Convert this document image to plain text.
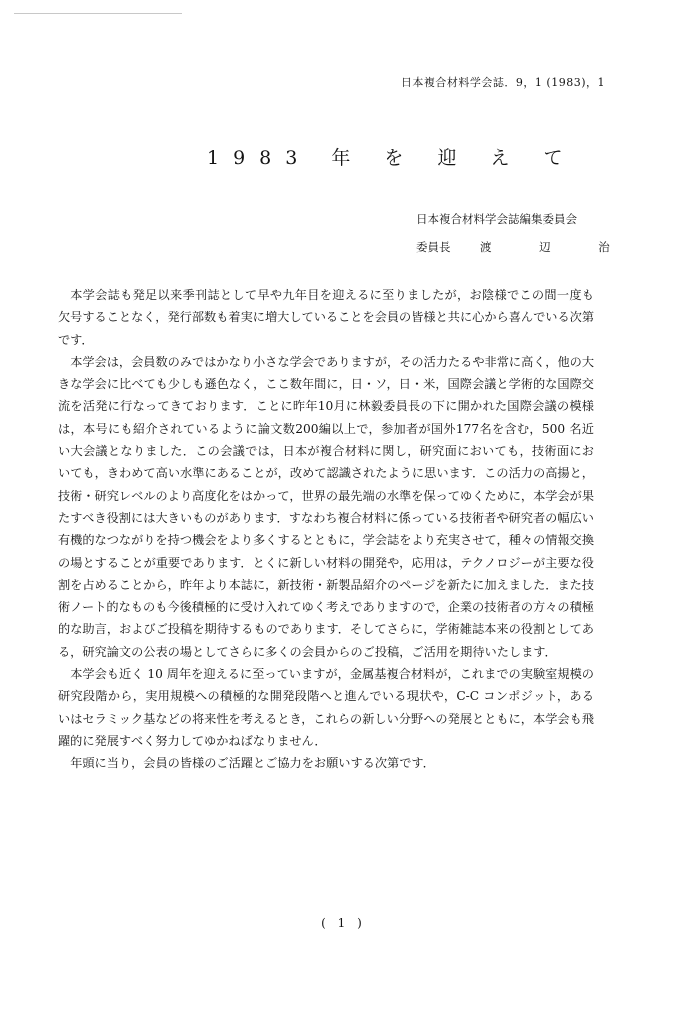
日本複合材料学会誌．9，1 (1983)，1
1983 年 を 迎 え て
日本複合材料学会誌編集委員会
委員長	渡 辺 治

本学会誌も発足以来季刊誌として早や九年目を迎えるに至りましたが，お陰様でこの間一度も欠号することなく，発行部数も着実に増大していることを会員の皆様と共に心から喜んでいる次第です．

本学会は，会員数のみではかなり小さな学会でありますが，その活力たるや非常に高く，他の大きな学会に比べても少しも遜色なく，ここ数年間に，日・ソ，日・米，国際会議と学術的な国際交流を活発に行なってきております．ことに昨年10月に林毅委員長の下に開かれた国際会議の模様は，本号にも紹介されているように論文数200編以上で，参加者が国外177名を含む，500 名近い大会議となりました．この会議では，日本が複合材料に関し，研究面においても，技術面においても，きわめて高い水準にあることが，改めて認識されたように思います．この活力の高揚と，技術・研究レベルのより高度化をはかって，世界の最先端の水準を保ってゆくために，本学会が果たすべき役割には大きいものがあります．すなわち複合材料に係っている技術者や研究者の幅広い有機的なつながりを持つ機会をより多くするとともに，学会誌をより充実させて，種々の情報交換の場とすることが重要であります．とくに新しい材料の開発や，応用は，テクノロジーが主要な役割を占めることから，昨年より本誌に，新技術・新製品紹介のページを新たに加えました．また技術ノート的なものも今後積極的に受け入れてゆく考えでありますので，企業の技術者の方々の積極的な助言，およびご投稿を期待するものであります．そしてさらに，学術雑誌本来の役割としてある，研究論文の公表の場としてさらに多くの会員からのご投稿，ご活用を期待いたします．

本学会も近く 10 周年を迎えるに至っていますが，金属基複合材料が，これまでの実験室規模の研究段階から，実用規模への積極的な開発段階へと進んでいる現状や，C-C コンポジット，あるいはセラミック基などの将来性を考えるとき，これらの新しい分野への発展とともに，本学会も飛躍的に発展すべく努力してゆかねばなりません．

年頭に当り，会員の皆様のご活躍とご協力をお願いする次第です．

( 1 )
